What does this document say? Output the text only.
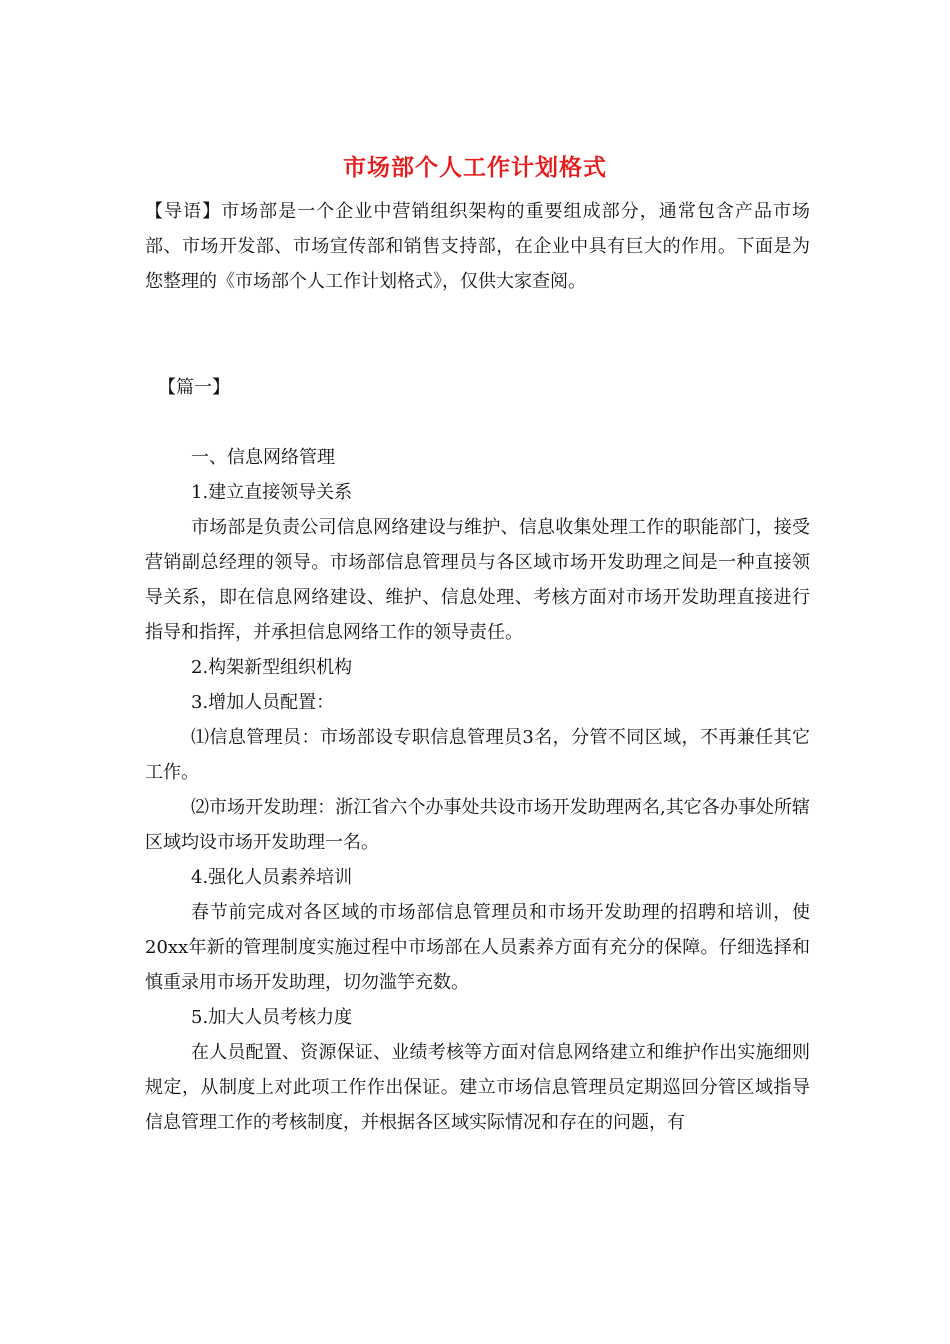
市场部个人工作计划格式
【导语】市场部是一个企业中营销组织架构的重要组成部分，通常包含产品市场部、市场开发部、市场宣传部和销售支持部，在企业中具有巨大的作用。下面是为您整理的《市场部个人工作计划格式》，仅供大家查阅。
【篇一】

一、信息网络管理

1.建立直接领导关系

市场部是负责公司信息网络建设与维护、信息收集处理工作的职能部门，接受营销副总经理的领导。市场部信息管理员与各区域市场开发助理之间是一种直接领导关系，即在信息网络建设、维护、信息处理、考核方面对市场开发助理直接进行指导和指挥，并承担信息网络工作的领导责任。

2.构架新型组织机构

3.增加人员配置：

⑴信息管理员：市场部设专职信息管理员3名，分管不同区域，不再兼任其它工作。

⑵市场开发助理：浙江省六个办事处共设市场开发助理两名,其它各办事处所辖区域均设市场开发助理一名。

4.强化人员素养培训

春节前完成对各区域的市场部信息管理员和市场开发助理的招聘和培训，使20xx年新的管理制度实施过程中市场部在人员素养方面有充分的保障。仔细选择和慎重录用市场开发助理，切勿滥竽充数。

5.加大人员考核力度

在人员配置、资源保证、业绩考核等方面对信息网络建立和维护作出实施细则规定，从制度上对此项工作作出保证。建立市场信息管理员定期巡回分管区域指导信息管理工作的考核制度，并根据各区域实际情况和存在的问题，有
